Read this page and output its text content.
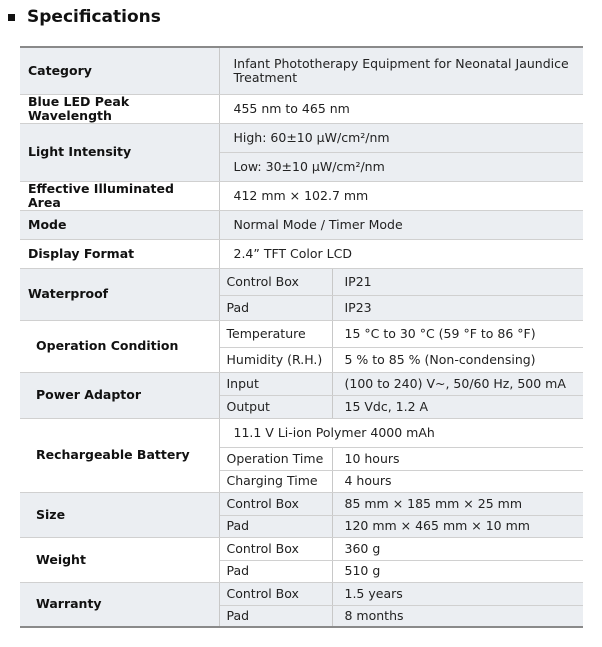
Specifications
Category	Infant Phototherapy Equipment for Neonatal Jaundice Treatment	
Blue LED Peak Wavelength	455 nm to 465 nm	
Light Intensity	High: 60±10 μW/cm²/nm	
	Low: 30±10 μW/cm²/nm	
Effective Illuminated Area	412 mm × 102.7 mm	
Mode	Normal Mode / Timer Mode	
Display Format	2.4” TFT Color LCD	
Waterproof	Control Box	IP21
	Pad	IP23
Operation Condition	Temperature	15 °C to 30 °C (59 °F to 86 °F)
	Humidity (R.H.)	5 % to 85 % (Non-condensing)
Power Adaptor	Input	(100 to 240) V~, 50/60 Hz, 500 mA
	Output	15 Vdc, 1.2 A
Rechargeable Battery	11.1 V Li-ion Polymer 4000 mAh	
	Operation Time	10 hours
	Charging Time	4 hours
Size	Control Box	85 mm × 185 mm × 25 mm
	Pad	120 mm × 465 mm × 10 mm
Weight	Control Box	360 g
	Pad	510 g
Warranty	Control Box	1.5 years
	Pad	8 months
